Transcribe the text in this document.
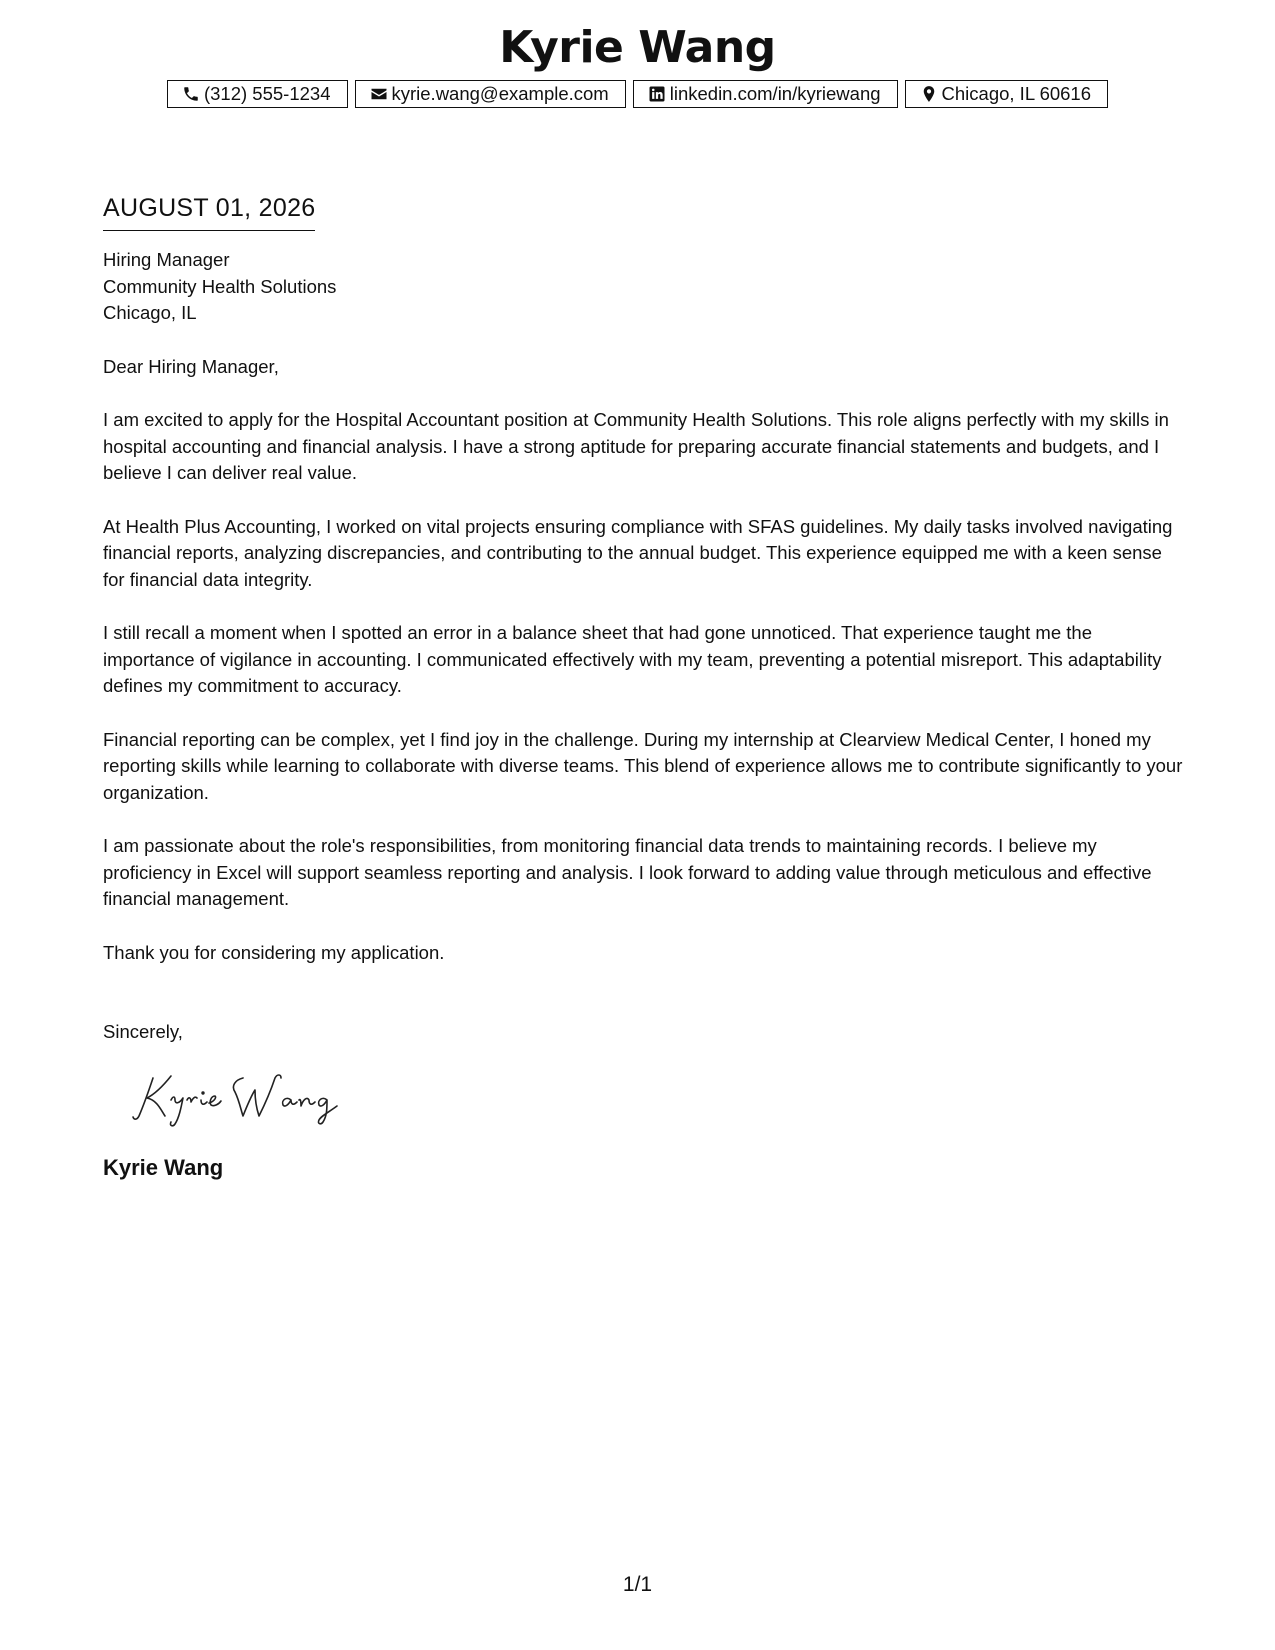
Kyrie Wang
(312) 555-1234	kyrie.wang@example.com	linkedin.com/in/kyriewang	Chicago, IL 60616

AUGUST 01, 2026

Hiring Manager
Community Health Solutions
Chicago, IL

Dear Hiring Manager,

I am excited to apply for the Hospital Accountant position at Community Health Solutions. This role aligns perfectly with my skills in hospital accounting and financial analysis. I have a strong aptitude for preparing accurate financial statements and budgets, and I believe I can deliver real value.

At Health Plus Accounting, I worked on vital projects ensuring compliance with SFAS guidelines. My daily tasks involved navigating financial reports, analyzing discrepancies, and contributing to the annual budget. This experience equipped me with a keen sense for financial data integrity.

I still recall a moment when I spotted an error in a balance sheet that had gone unnoticed. That experience taught me the importance of vigilance in accounting. I communicated effectively with my team, preventing a potential misreport. This adaptability defines my commitment to accuracy.

Financial reporting can be complex, yet I find joy in the challenge. During my internship at Clearview Medical Center, I honed my reporting skills while learning to collaborate with diverse teams. This blend of experience allows me to contribute significantly to your organization.

I am passionate about the role's responsibilities, from monitoring financial data trends to maintaining records. I believe my proficiency in Excel will support seamless reporting and analysis. I look forward to adding value through meticulous and effective financial management.

Thank you for considering my application.

Sincerely,

Kyrie Wang
1/1
